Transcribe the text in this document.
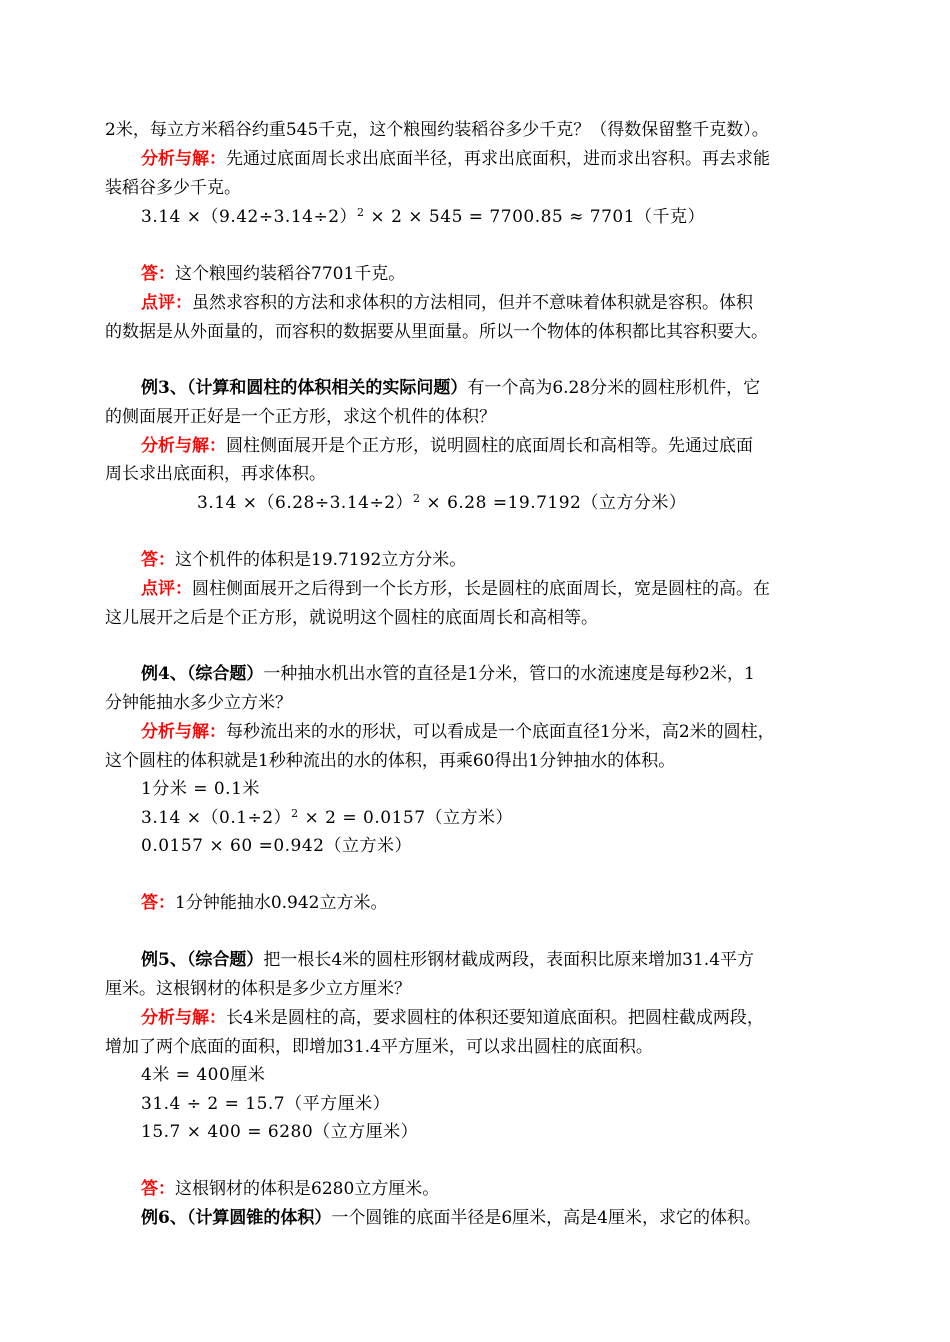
2米，每立方米稻谷约重545千克，这个粮囤约装稻谷多少千克？（得数保留整千克数）。
分析与解：先通过底面周长求出底面半径，再求出底面积，进而求出容积。再去求能
装稻谷多少千克。
$3.14 \times(9.42\div 3.14\div 2)^2 \times 2 \times 545 = 7700.85 \approx 7701$（千克）
答：这个粮囤约装稻谷7701千克。
点评：虽然求容积的方法和求体积的方法相同，但并不意味着体积就是容积。体积
的数据是从外面量的，而容积的数据要从里面量。所以一个物体的体积都比其容积要大。
例3、（计算和圆柱的体积相关的实际问题）有一个高为6.28分米的圆柱形机件，它
的侧面展开正好是一个正方形，求这个机件的体积？
分析与解：圆柱侧面展开是个正方形，说明圆柱的底面周长和高相等。先通过底面
周长求出底面积，再求体积。
$3.14 \times(6.28\div 3.14\div 2)^2 \times 6.28 =19.7192$（立方分米）
答：这个机件的体积是19.7192立方分米。
点评：圆柱侧面展开之后得到一个长方形，长是圆柱的底面周长，宽是圆柱的高。在
这儿展开之后是个正方形，就说明这个圆柱的底面周长和高相等。
例4、（综合题）一种抽水机出水管的直径是1分米，管口的水流速度是每秒2米，1
分钟能抽水多少立方米？
分析与解：每秒流出来的水的形状，可以看成是一个底面直径1分米，高2米的圆柱，
这个圆柱的体积就是1秒种流出的水的体积，再乘60得出1分钟抽水的体积。
1分米 = 0.1米
$3.14 \times(0.1\div 2)^2 \times 2 = 0.0157$（立方米）
0.0157 × 60 =0.942（立方米）
答：1分钟能抽水0.942立方米。
例5、（综合题）把一根长4米的圆柱形钢材截成两段，表面积比原来增加31.4平方
厘米。这根钢材的体积是多少立方厘米？
分析与解：长4米是圆柱的高，要求圆柱的体积还要知道底面积。把圆柱截成两段，
增加了两个底面的面积，即增加31.4平方厘米，可以求出圆柱的底面积。
4米 = 400厘米
31.4 ÷ 2 = 15.7（平方厘米）
15.7 × 400 = 6280（立方厘米）
答：这根钢材的体积是6280立方厘米。
例6、（计算圆锥的体积）一个圆锥的底面半径是6厘米，高是4厘米，求它的体积。
